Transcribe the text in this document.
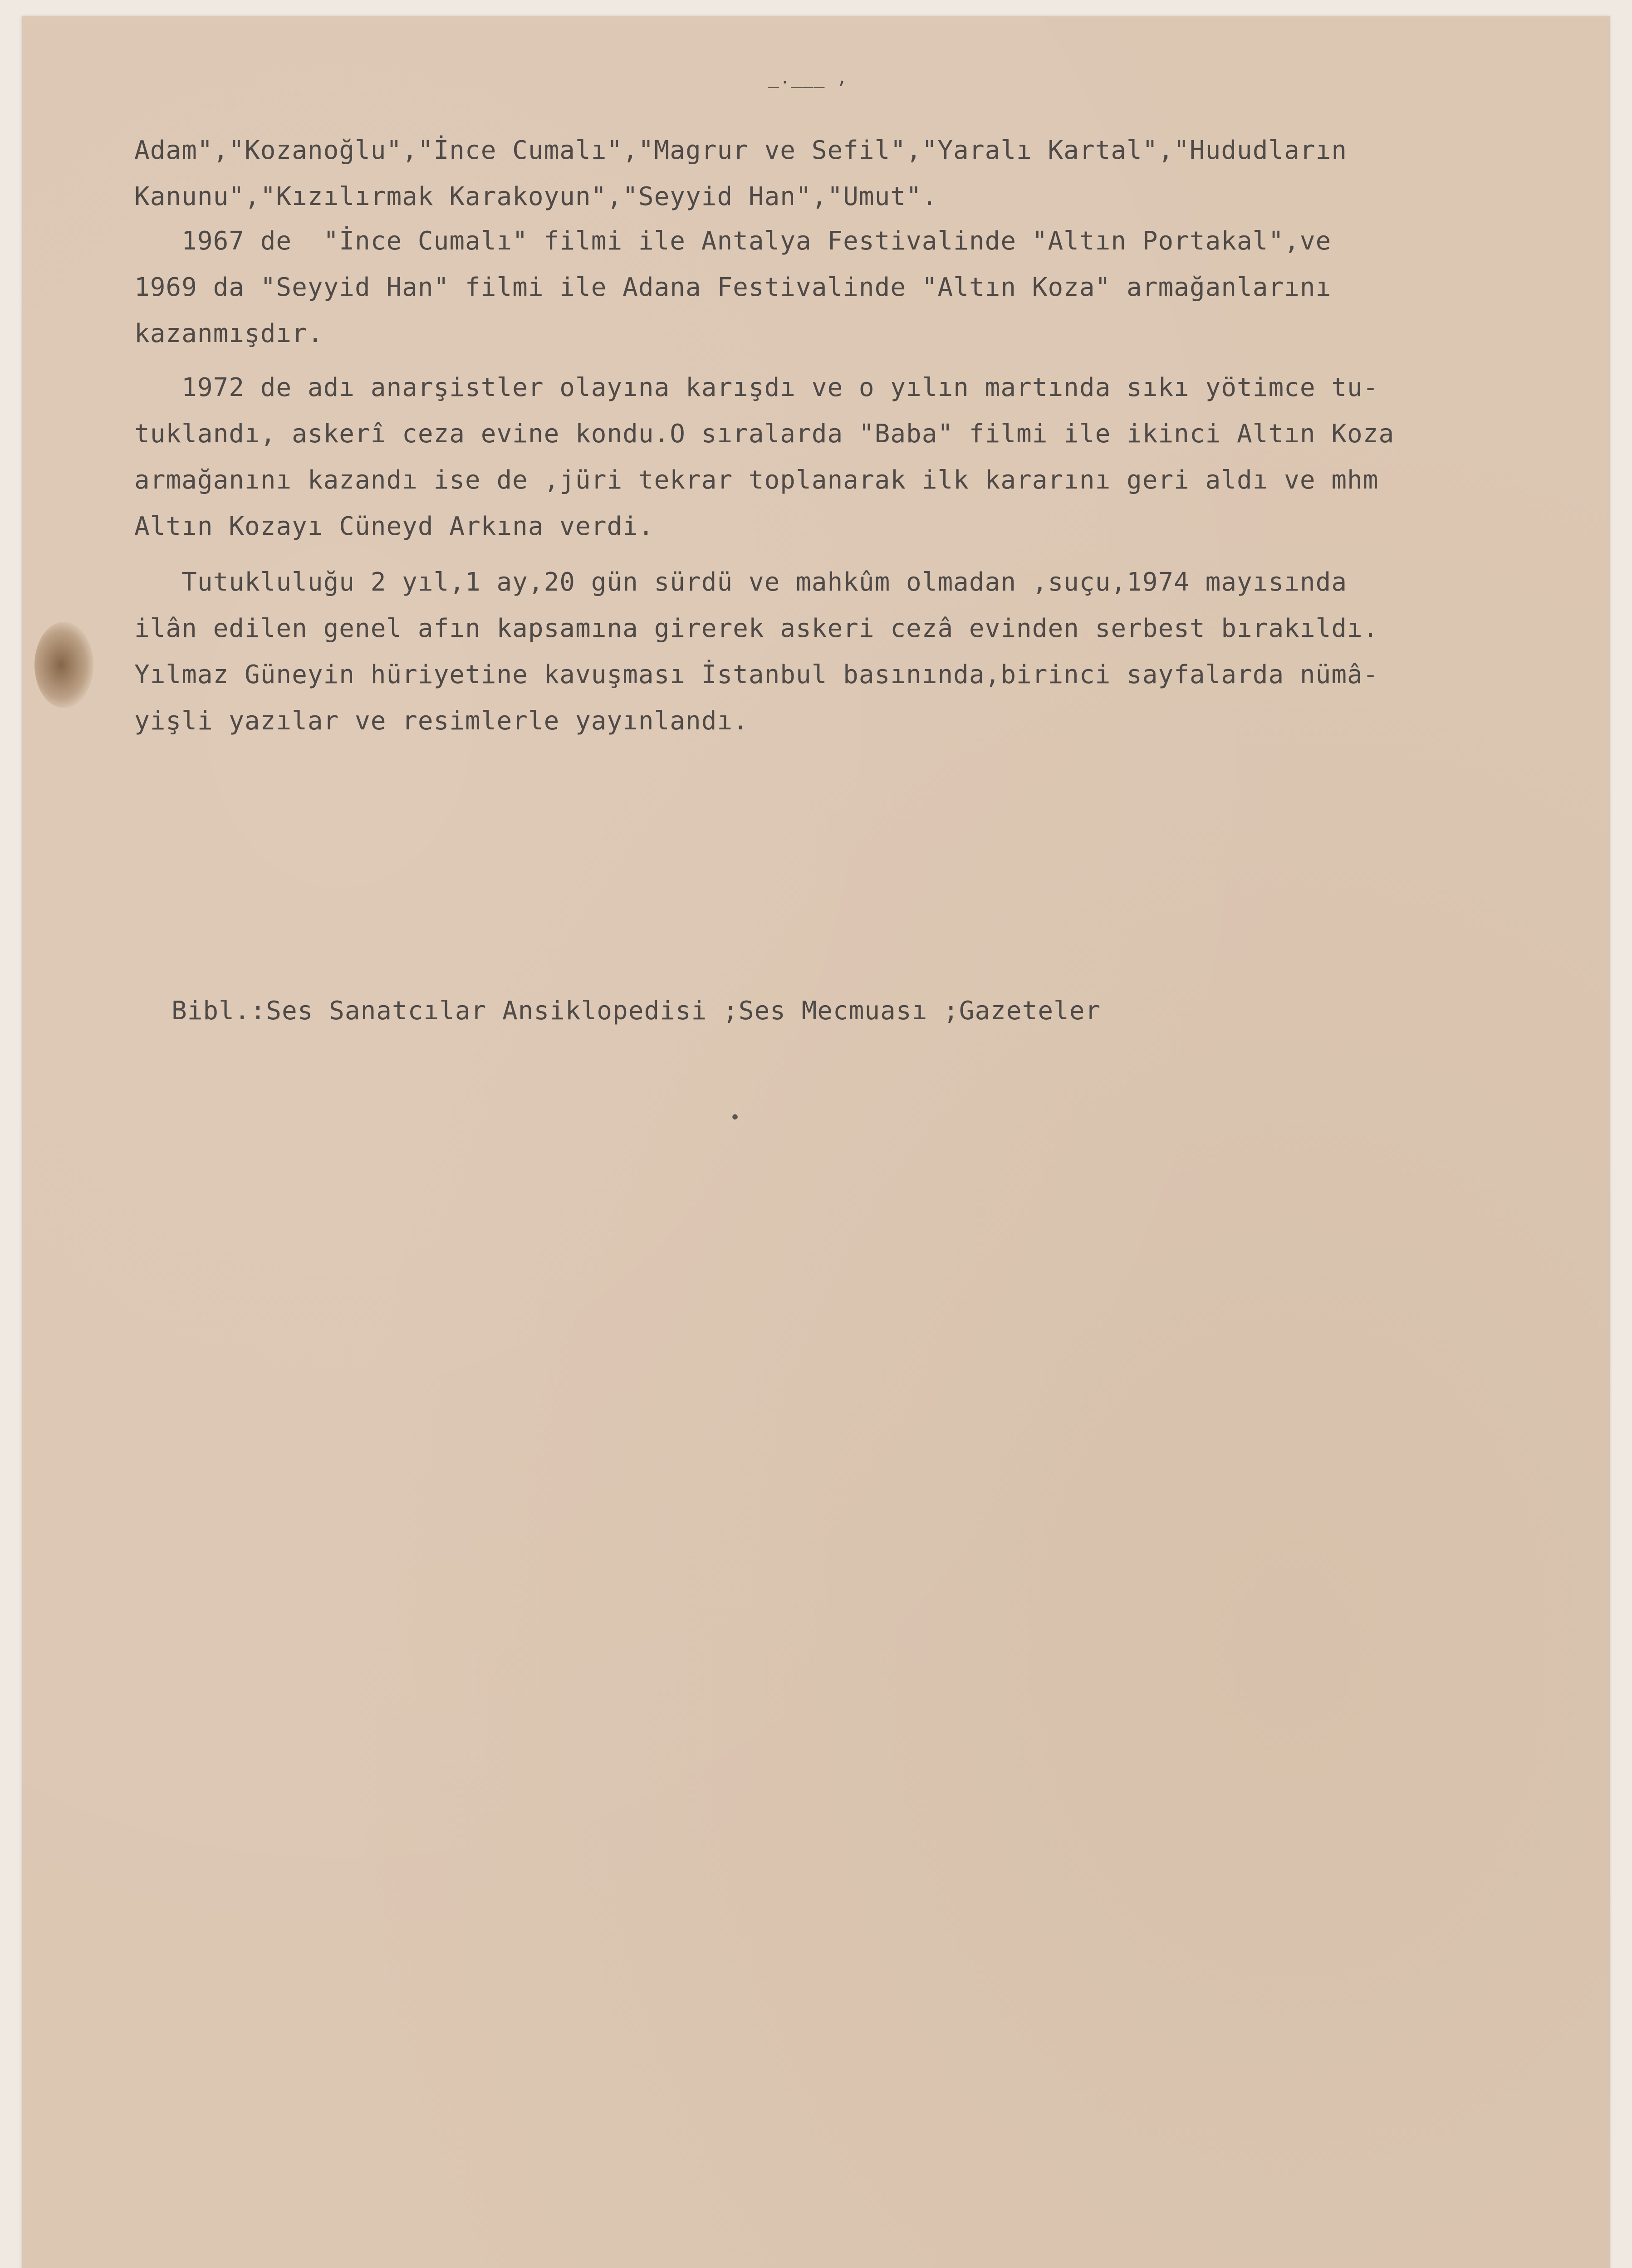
_.___ ,
Adam","Kozanoğlu","İnce Cumalı","Magrur ve Sefil","Yaralı Kartal","Hududların
Kanunu","Kızılırmak Karakoyun","Seyyid Han","Umut".
1967 de  "İnce Cumalı" filmi ile Antalya Festivalinde "Altın Portakal",ve
1969 da "Seyyid Han" filmi ile Adana Festivalinde "Altın Koza" armağanlarını
kazanmışdır.
1972 de adı anarşistler olayına karışdı ve o yılın martında sıkı yötimce tu-
tuklandı, askerî ceza evine kondu.O sıralarda "Baba" filmi ile ikinci Altın Koza
armağanını kazandı ise de ,jüri tekrar toplanarak ilk kararını geri aldı ve mhm
Altın Kozayı Cüneyd Arkına verdi.
Tutukluluğu 2 yıl,1 ay,20 gün sürdü ve mahkûm olmadan ,suçu,1974 mayısında
ilân edilen genel afın kapsamına girerek askeri cezâ evinden serbest bırakıldı.
Yılmaz Güneyin hüriyetine kavuşması İstanbul basınında,birinci sayfalarda nümâ-
yişli yazılar ve resimlerle yayınlandı.
Bibl.:Ses Sanatcılar Ansiklopedisi ;Ses Mecmuası ;Gazeteler
•
